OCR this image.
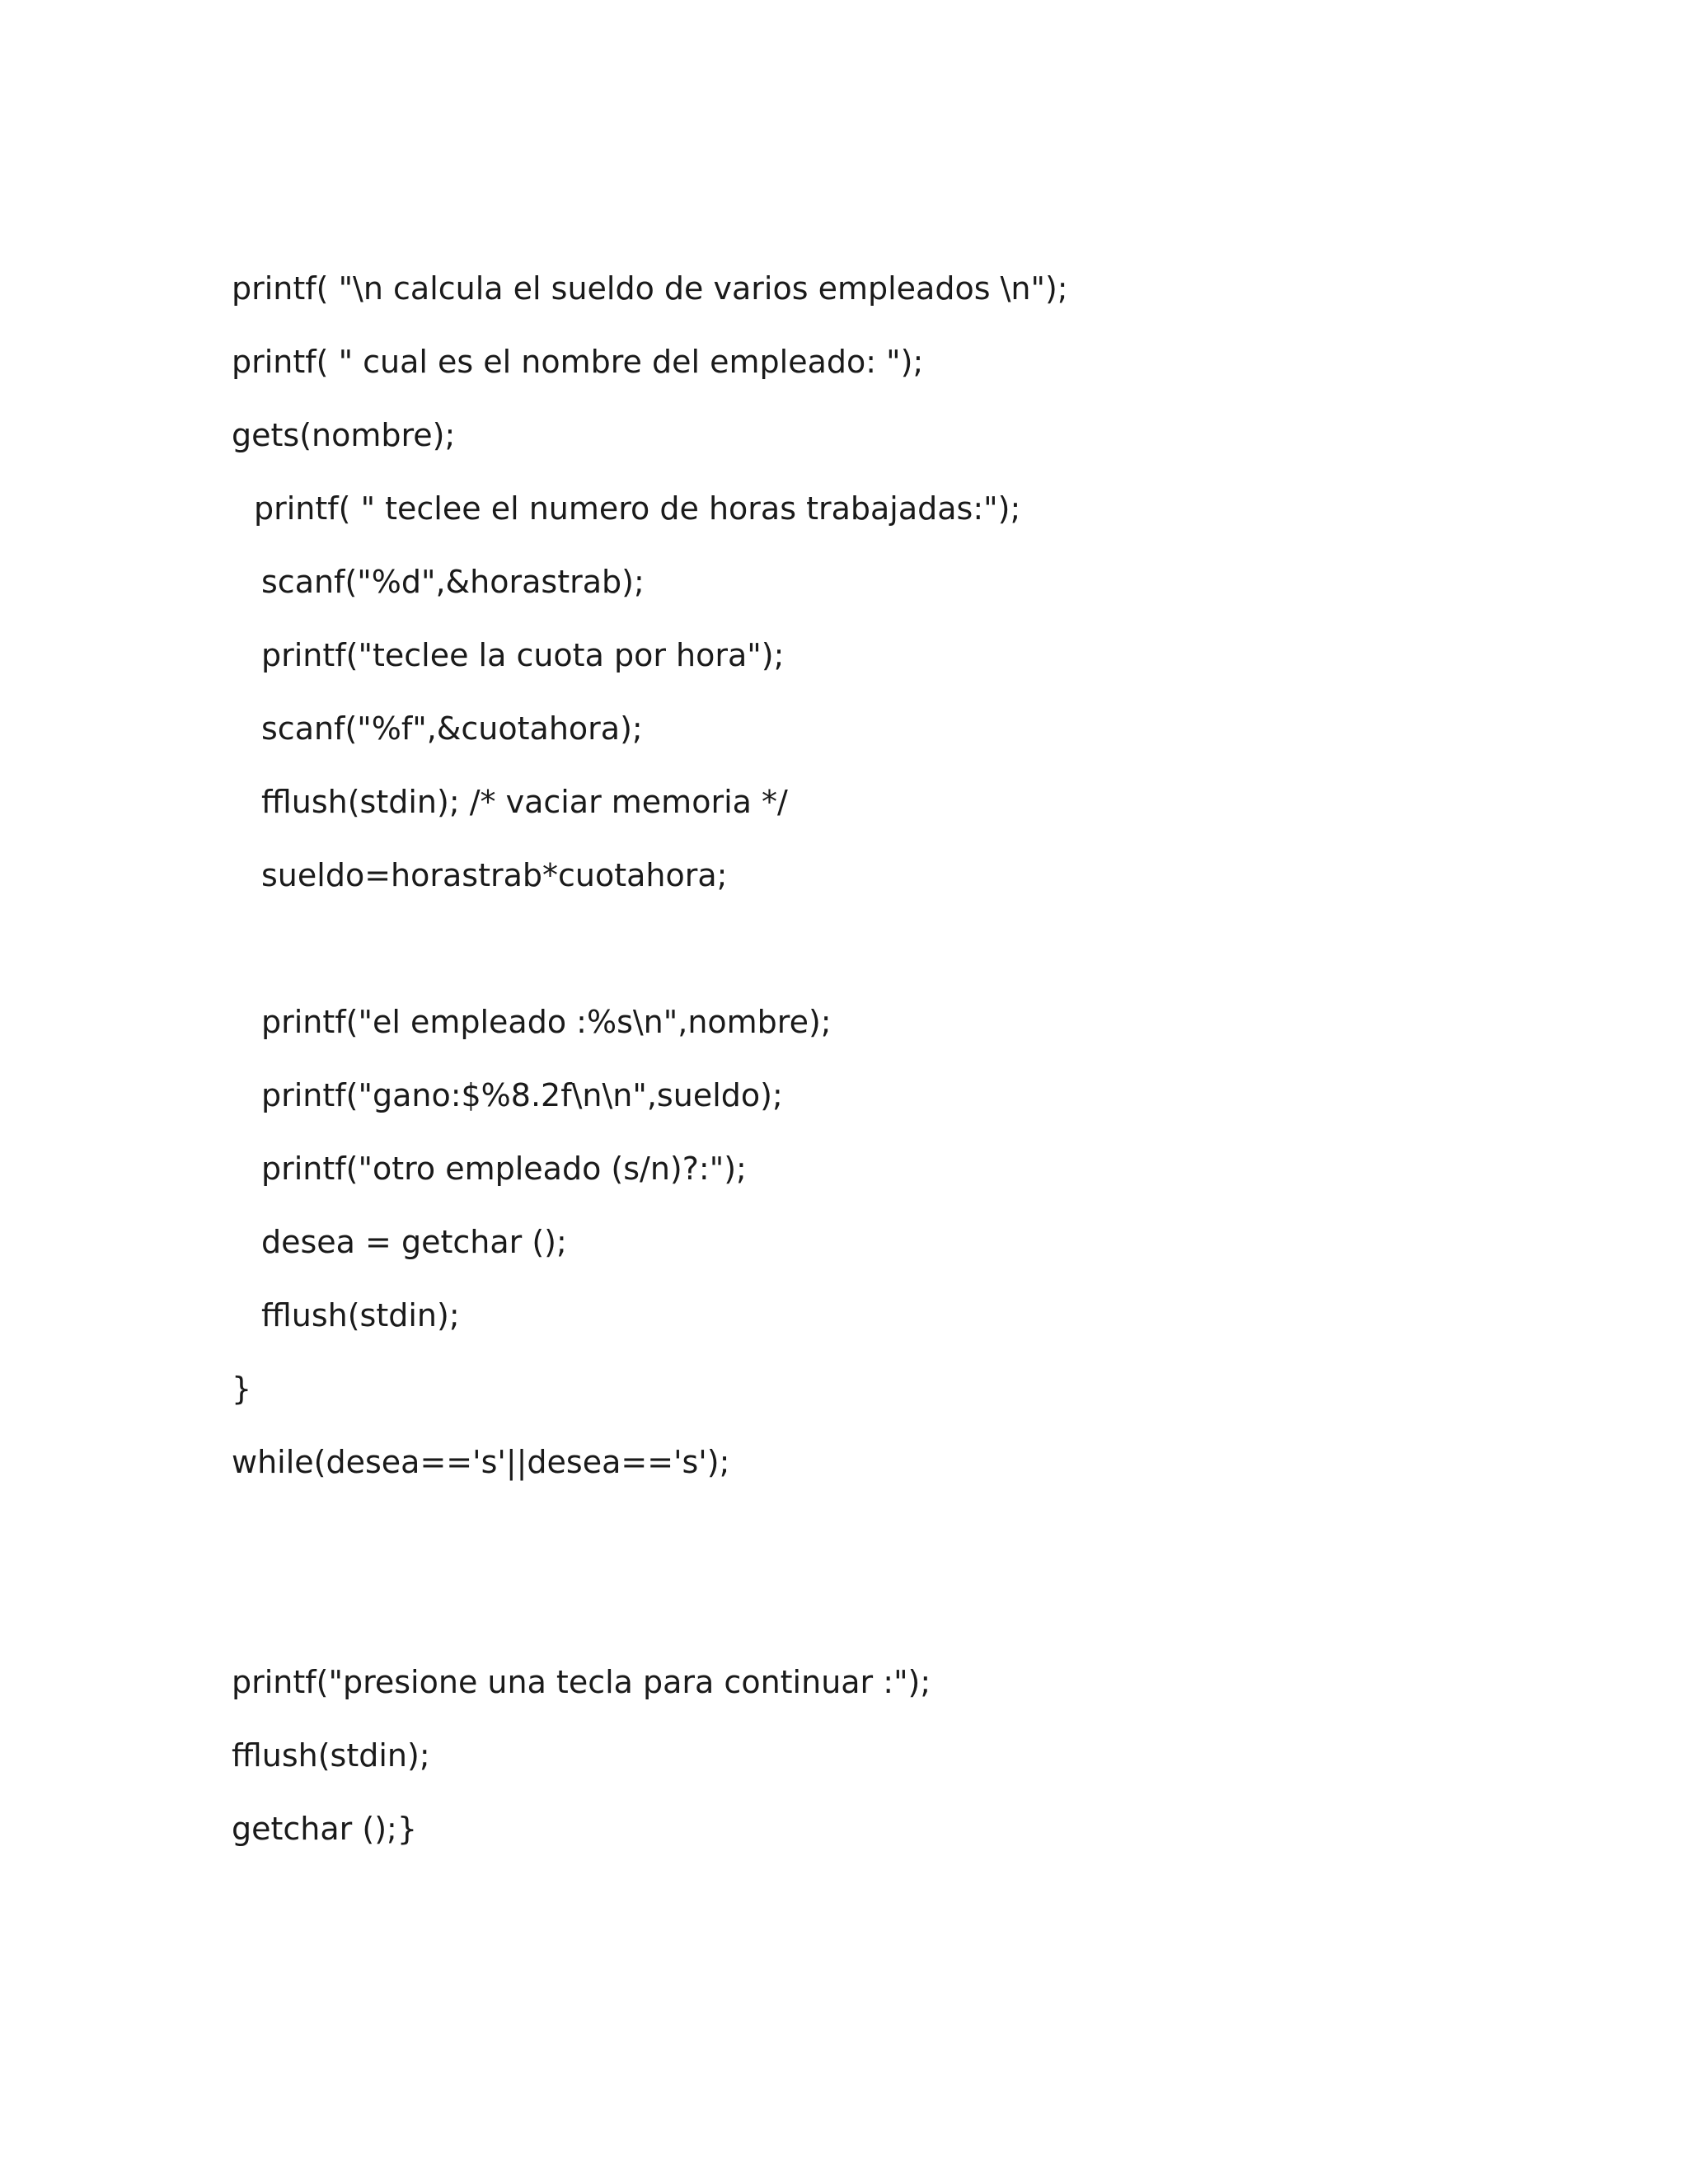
printf( "\n calcula el sueldo de varios empleados \n");
printf( " cual es el nombre del empleado: ");
gets(nombre);
printf( " teclee el numero de horas trabajadas:");
scanf("%d",&horastrab);
printf("teclee la cuota por hora");
scanf("%f",&cuotahora);
fflush(stdin); /* vaciar memoria */
sueldo=horastrab*cuotahora;
printf("el empleado :%s\n",nombre);
printf("gano:$%8.2f\n\n",sueldo);
printf("otro empleado (s/n)?:");
desea = getchar ();
fflush(stdin);
}
while(desea=='s'||desea=='s');
printf("presione una tecla para continuar :");
fflush(stdin);
getchar ();}
